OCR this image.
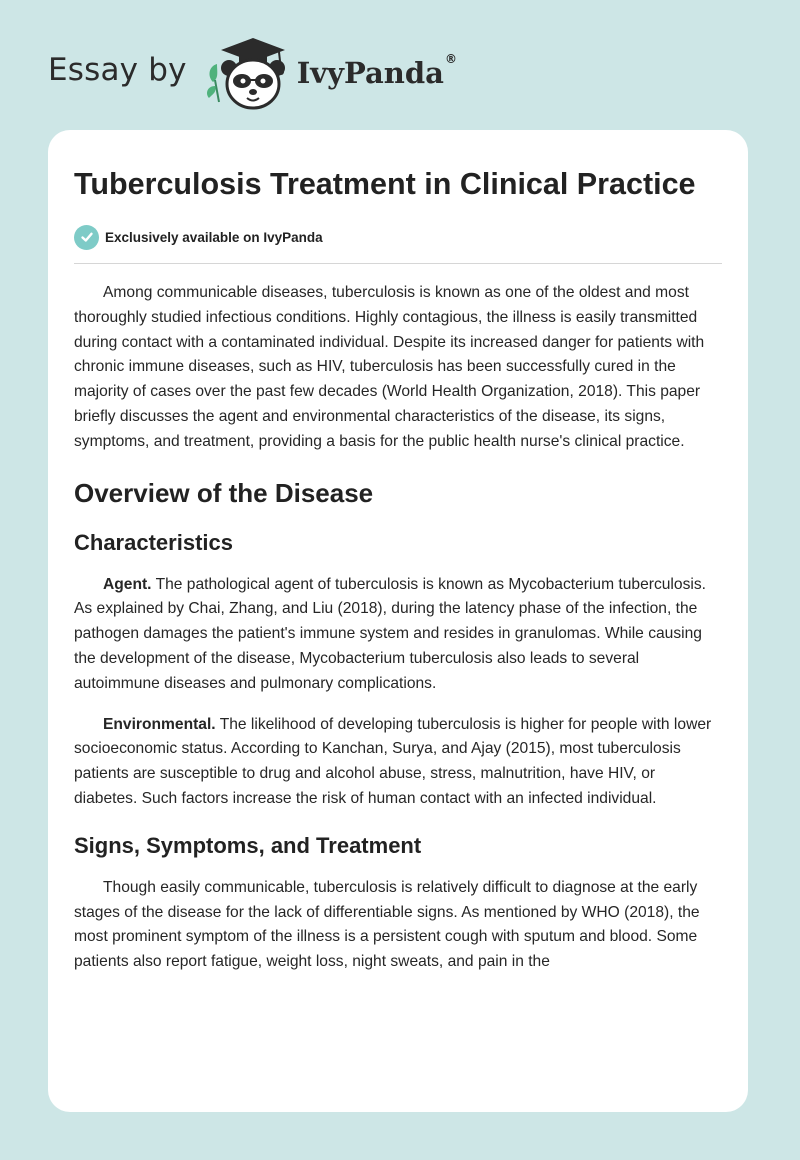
Essay by	IvyPanda®
Tuberculosis Treatment in Clinical Practice
Exclusively available on IvyPanda

Among communicable diseases, tuberculosis is known as one of the oldest and most thoroughly studied infectious conditions. Highly contagious, the illness is easily transmitted during contact with a contaminated individual. Despite its increased danger for patients with chronic immune diseases, such as HIV, tuberculosis has been successfully cured in the majority of cases over the past few decades (World Health Organization, 2018). This paper briefly discusses the agent and environmental characteristics of the disease, its signs, symptoms, and treatment, providing a basis for the public health nurse's clinical practice.

Overview of the Disease
Characteristics

Agent. The pathological agent of tuberculosis is known as Mycobacterium tuberculosis. As explained by Chai, Zhang, and Liu (2018), during the latency phase of the infection, the pathogen damages the patient's immune system and resides in granulomas. While causing the development of the disease, Mycobacterium tuberculosis also leads to several autoimmune diseases and pulmonary complications.

Environmental. The likelihood of developing tuberculosis is higher for people with lower socioeconomic status. According to Kanchan, Surya, and Ajay (2015), most tuberculosis patients are susceptible to drug and alcohol abuse, stress, malnutrition, have HIV, or diabetes. Such factors increase the risk of human contact with an infected individual.

Signs, Symptoms, and Treatment

Though easily communicable, tuberculosis is relatively difficult to diagnose at the early stages of the disease for the lack of differentiable signs. As mentioned by WHO (2018), the most prominent symptom of the illness is a persistent cough with sputum and blood. Some patients also report fatigue, weight loss, night sweats, and pain in the
